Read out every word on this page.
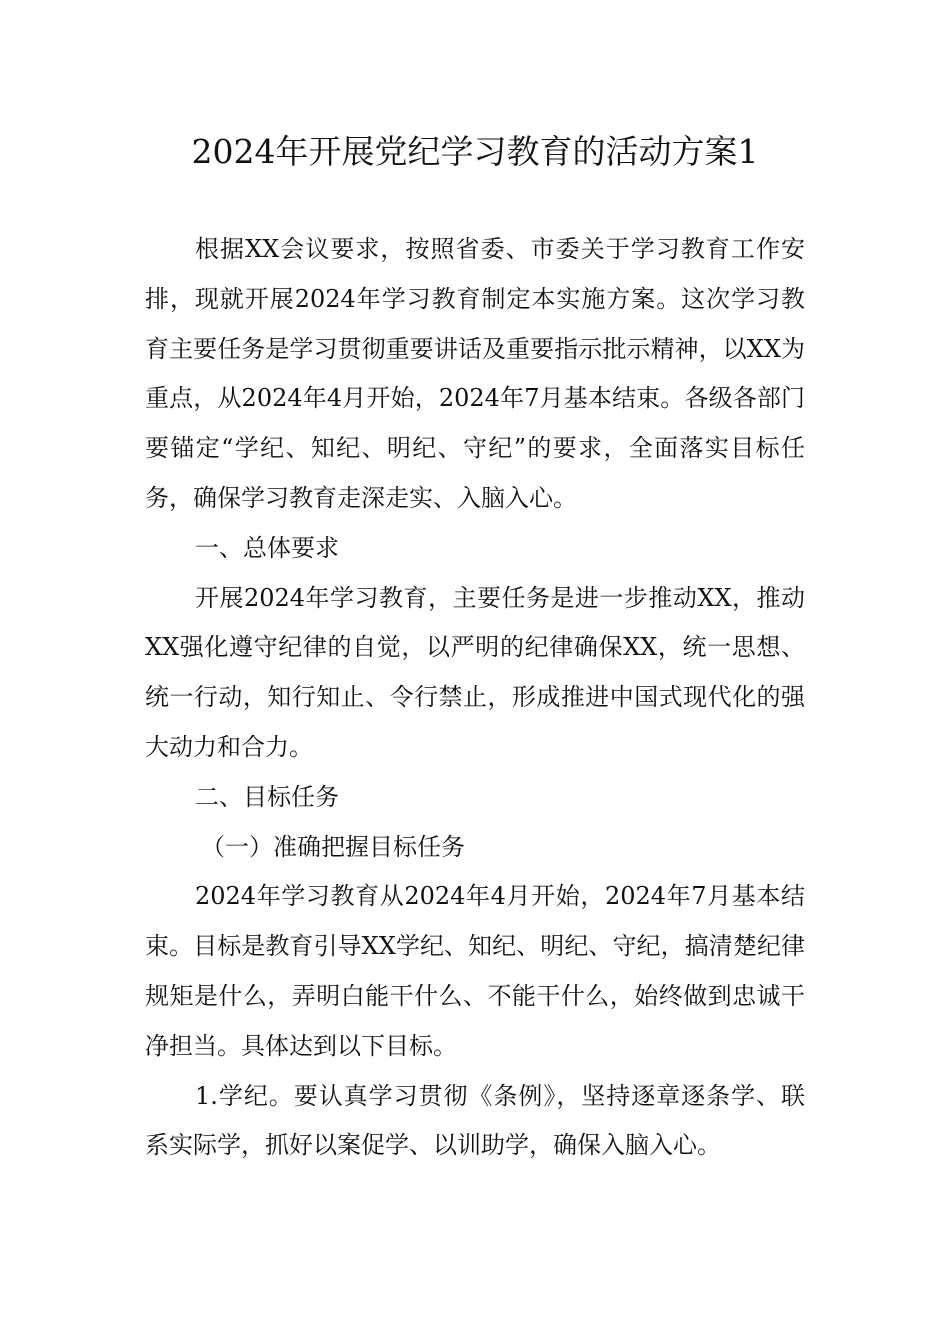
2024年开展党纪学习教育的活动方案1

根据XX会议要求，按照省委、市委关于学习教育工作安排，现就开展2024年学习教育制定本实施方案。这次学习教育主要任务是学习贯彻重要讲话及重要指示批示精神，以XX为重点，从2024年4月开始，2024年7月基本结束。各级各部门要锚定“学纪、知纪、明纪、守纪”的要求，全面落实目标任务，确保学习教育走深走实、入脑入心。

一、总体要求

开展2024年学习教育，主要任务是进一步推动XX，推动XX强化遵守纪律的自觉，以严明的纪律确保XX，统一思想、统一行动，知行知止、令行禁止，形成推进中国式现代化的强大动力和合力。

二、目标任务

（一）准确把握目标任务

2024年学习教育从2024年4月开始，2024年7月基本结束。目标是教育引导XX学纪、知纪、明纪、守纪，搞清楚纪律规矩是什么，弄明白能干什么、不能干什么，始终做到忠诚干净担当。具体达到以下目标。

1.学纪。要认真学习贯彻《条例》，坚持逐章逐条学、联系实际学，抓好以案促学、以训助学，确保入脑入心。
